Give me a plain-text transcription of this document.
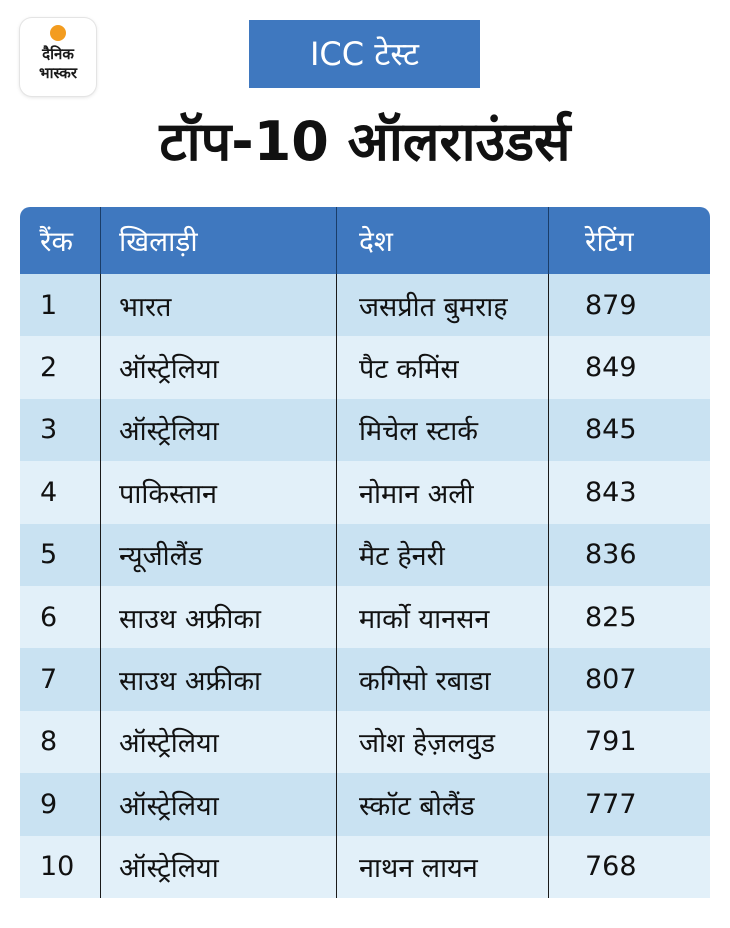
दैनिक
भास्कर	ICC टेस्ट
टॉप-10 ऑलराउंडर्स
रैंक	खिलाड़ी	देश	रेटिंग
1	भारत	जसप्रीत बुमराह	879
2	ऑस्ट्रेलिया	पैट कमिंस	849
3	ऑस्ट्रेलिया	मिचेल स्टार्क	845
4	पाकिस्तान	नोमान अली	843
5	न्यूजीलैंड	मैट हेनरी	836
6	साउथ अफ्रीका	मार्को यानसन	825
7	साउथ अफ्रीका	कगिसो रबाडा	807
8	ऑस्ट्रेलिया	जोश हेज़लवुड	791
9	ऑस्ट्रेलिया	स्कॉट बोलैंड	777
10	ऑस्ट्रेलिया	नाथन लायन	768
